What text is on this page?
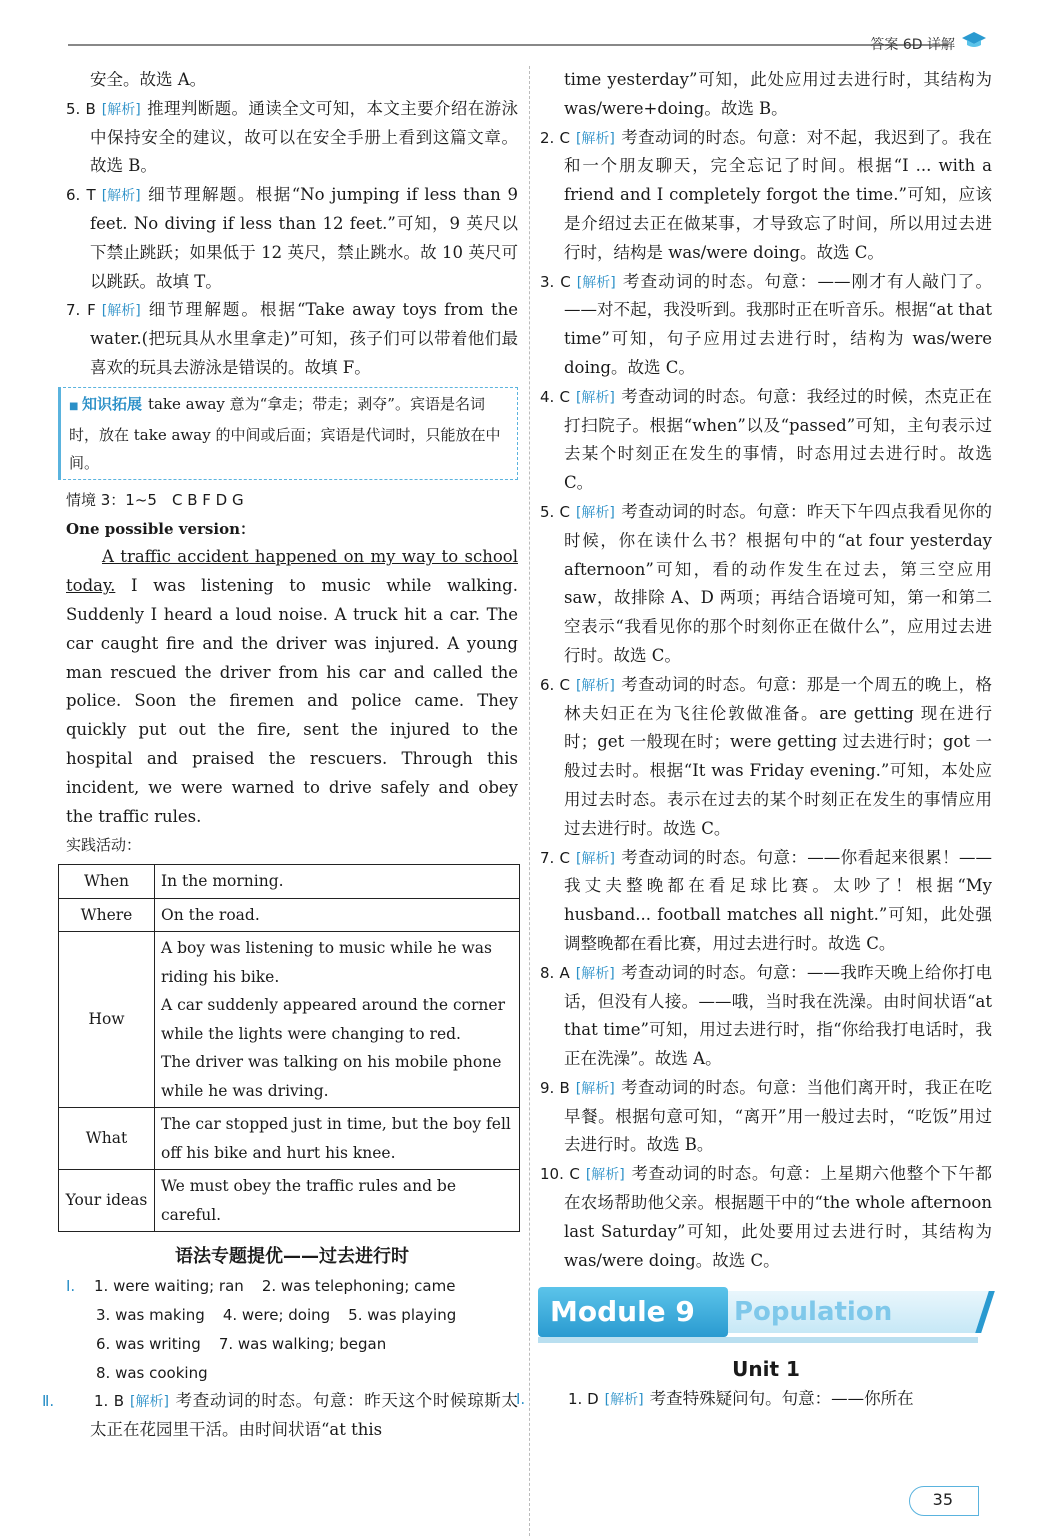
答案 6D 详解
安全。故选 A。
5. B [ 解析 ] 推理判断题。通读全文可知，本文主要介绍在游泳中保持安全的建议，故可以在安全手册上看到这篇文章。故选 B。
6. T [ 解析 ] 细节理解题。根据“No jumping if less than 9 feet. No diving if less than 12 feet.”可知，9 英尺以下禁止跳跃；如果低于 12 英尺，禁止跳水。故 10 英尺可以跳跃。故填 T。
7. F [ 解析 ] 细节理解题。根据“Take away toys from the water.(把玩具从水里拿走)”可知，孩子们可以带着他们最喜欢的玩具去游泳是错误的。故填 F。
■ 知识拓展 take away 意为“拿走；带走；剥夺”。宾语是名词时，放在 take away 的中间或后面；宾语是代词时，只能放在中间。
情境 3：1~5　C B F D G
One possible version：
A traffic accident happened on my way to school today. I was listening to music while walking. Suddenly I heard a loud noise. A truck hit a car. The car caught fire and the driver was injured. A young man rescued the driver from his car and called the police. Soon the firemen and police came. They quickly put out the fire, sent the injured to the hospital and praised the rescuers. Through this incident, we were warned to drive safely and obey the traffic rules.
实践活动：
When	In the morning.

Where	On the road.

How	A boy was listening to music while he was riding his bike.
A car suddenly appeared around the corner while the lights were changing to red.
The driver was talking on his mobile phone while he was driving.

What	The car stopped just in time, but the boy fell off his bike and hurt his knee.

Your ideas	We must obey the traffic rules and be careful.
语法专题提优——过去进行时
Ⅰ. 1. were waiting; ran 2. was telephoning; came
3. was making 4. were; doing 5. was playing
6. was writing 7. was walking; began
8. was cooking
Ⅱ.	1. B [ 解析 ] 考查动词的时态。句意：昨天这个时候琼斯太太正在花园里干活。由时间状语“at this
time yesterday”可知，此处应用过去进行时，其结构为 was/were+doing。故选 B。
2. C [ 解析 ] 考查动词的时态。句意：对不起，我迟到了。我在和一个朋友聊天，完全忘记了时间。根据“I ... with a friend and I completely forgot the time.”可知，应该是介绍过去正在做某事，才导致忘了时间，所以用过去进行时，结构是 was/were doing。故选 C。
3. C [ 解析 ] 考查动词的时态。句意：——刚才有人敲门了。——对不起，我没听到。我那时正在听音乐。根据“at that time”可知，句子应用过去进行时，结构为 was/were doing。故选 C。
4. C [ 解析 ] 考查动词的时态。句意：我经过的时候，杰克正在打扫院子。根据“when”以及“passed”可知，主句表示过去某个时刻正在发生的事情，时态用过去进行时。故选 C。
5. C [ 解析 ] 考查动词的时态。句意：昨天下午四点我看见你的时候，你在读什么书？根据句中的“at four yesterday afternoon”可知，看的动作发生在过去，第三空应用 saw，故排除 A、D 两项；再结合语境可知，第一和第二空表示“我看见你的那个时刻你正在做什么”，应用过去进行时。故选 C。
6. C [ 解析 ] 考查动词的时态。句意：那是一个周五的晚上，格林夫妇正在为飞往伦敦做准备。are getting 现在进行时；get 一般现在时；were getting 过去进行时；got 一般过去时。根据“It was Friday evening.”可知，本处应用过去时态。表示在过去的某个时刻正在发生的事情应用过去进行时。故选 C。
7. C [ 解析 ] 考查动词的时态。句意：——你看起来很累！——我丈夫整晚都在看足球比赛。太吵了！根据“My husband... football matches all night.”可知，此处强调整晚都在看比赛，用过去进行时。故选 C。
8. A [ 解析 ] 考查动词的时态。句意：——我昨天晚上给你打电话，但没有人接。——哦，当时我在洗澡。由时间状语“at that time”可知，用过去进行时，指“你给我打电话时，我正在洗澡”。故选 A。
9. B [ 解析 ] 考查动词的时态。句意：当他们离开时，我正在吃早餐。根据句意可知，“离开”用一般过去时，“吃饭”用过去进行时。故选 B。
10. C [ 解析 ] 考查动词的时态。句意：上星期六他整个下午都在农场帮助他父亲。根据题干中的“the whole afternoon last Saturday”可知，此处要用过去进行时，其结构为 was/were doing。故选 C。
Population
Module 9
Unit 1
Ⅰ.	1. D [ 解析 ] 考查特殊疑问句。句意：——你所在
35
